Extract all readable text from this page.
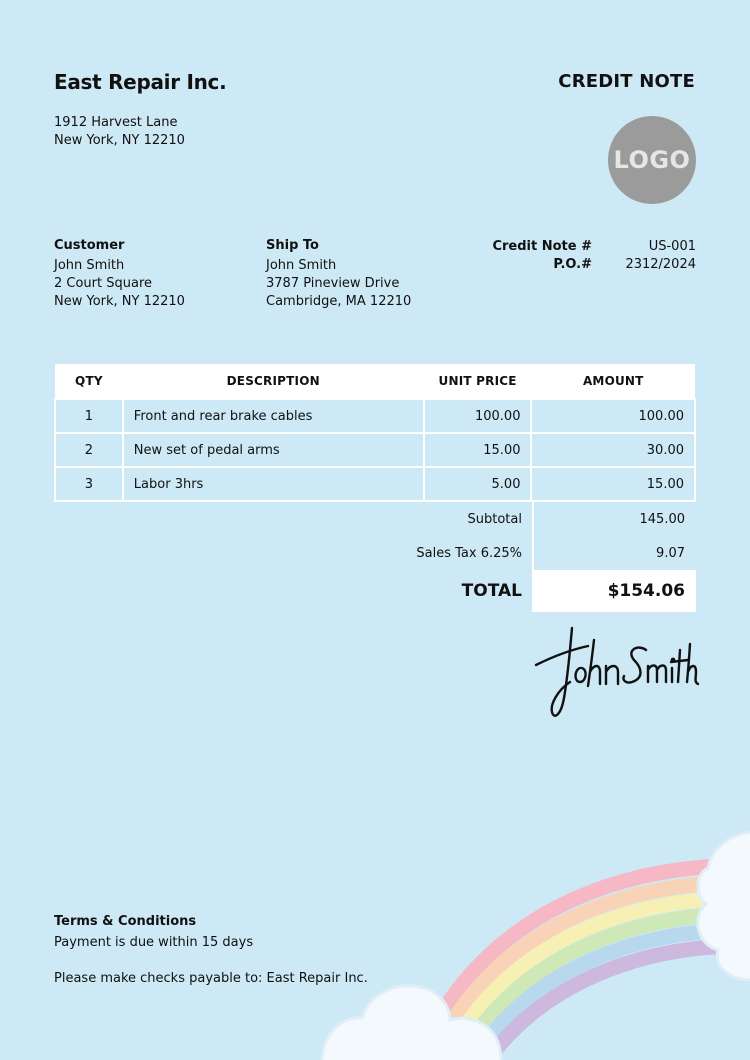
East Repair Inc.	CREDIT NOTE
1912 Harvest Lane
New York, NY 12210
LOGO
Customer
John Smith
2 Court Square
New York, NY 12210
Ship To
John Smith
3787 Pineview Drive
Cambridge, MA 12210
Credit Note #	US-001
P.O.#	2312/2024
QTY	DESCRIPTION	UNIT PRICE	AMOUNT
1	Front and rear brake cables	100.00	100.00
2	New set of pedal arms	15.00	30.00
3	Labor 3hrs	5.00	15.00
Subtotal	145.00
Sales Tax 6.25%	9.07
TOTAL	$154.06
Terms & Conditions
Payment is due within 15 days
Please make checks payable to: East Repair Inc.
